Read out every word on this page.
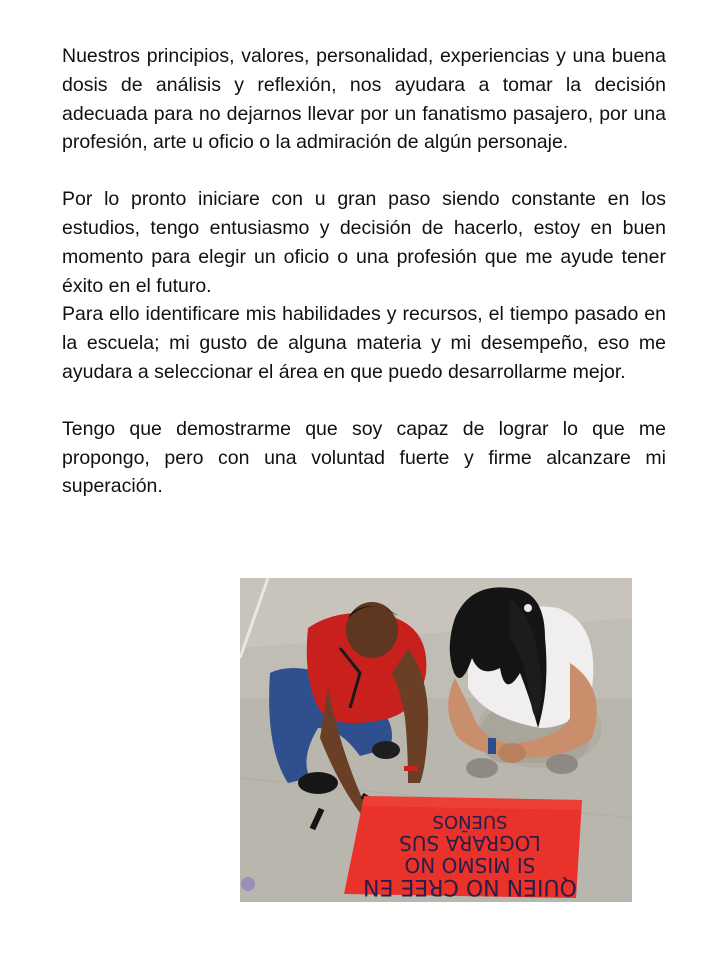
Nuestros principios, valores, personalidad, experiencias y una buena dosis de análisis y reflexión, nos ayudara a tomar la decisión adecuada para no dejarnos llevar por un fanatismo pasajero, por una profesión, arte u oficio o la admiración de algún personaje.

Por lo pronto iniciare con u gran paso siendo constante en los estudios, tengo entusiasmo y decisión de hacerlo, estoy en buen momento para elegir un oficio o una profesión que me ayude tener éxito en el futuro.

Para ello identificare mis habilidades y recursos, el tiempo pasado en la escuela; mi gusto de alguna materia y mi desempeño, eso me ayudara a seleccionar el área en que puedo desarrollarme mejor.

Tengo que demostrarme que soy capaz de lograr lo que me propongo, pero con una voluntad fuerte y firme alcanzare mi superación.

QUIEN NO CREE EN
SI MISMO NO
LOGRARA SUS
SUEÑOS
